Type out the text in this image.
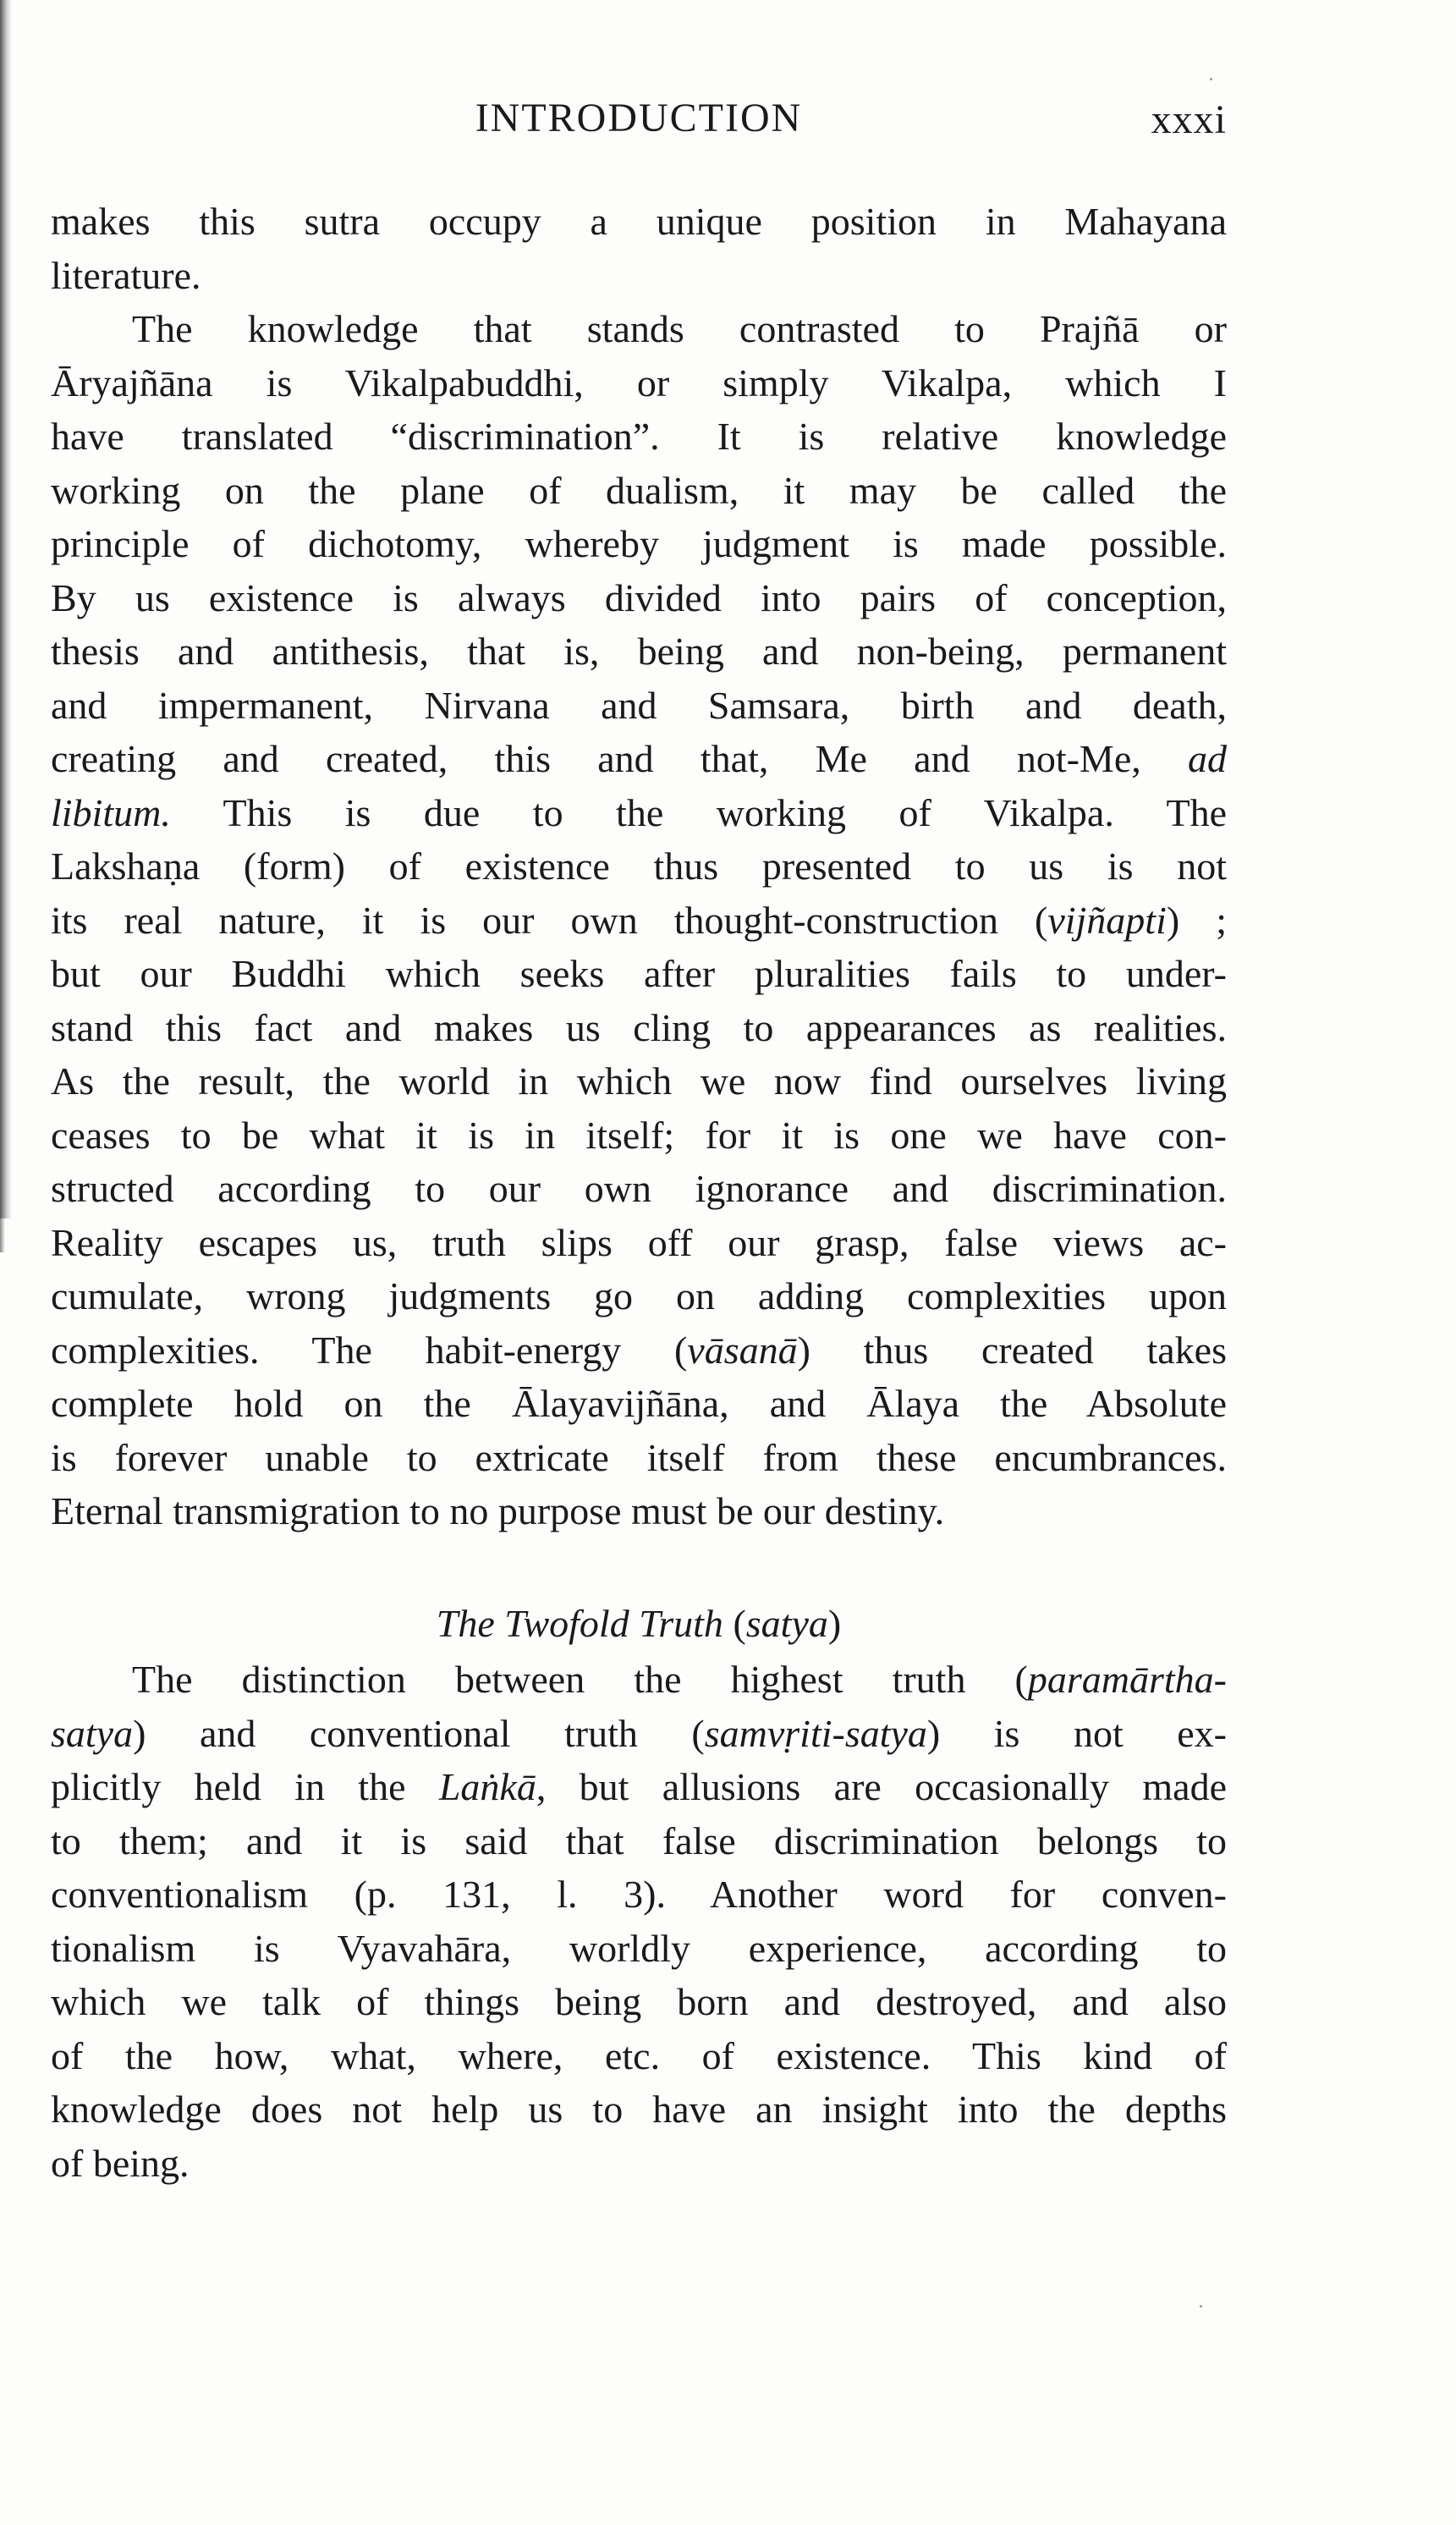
INTRODUCTION	xxxi
makes this sutra occupy a unique position in Mahayana
literature.
The knowledge that stands contrasted to Prajñā or
Āryajñāna is Vikalpabuddhi, or simply Vikalpa, which I
have translated “discrimination”. It is relative knowledge
working on the plane of dualism, it may be called the
principle of dichotomy, whereby judgment is made possible.
By us existence is always divided into pairs of conception,
thesis and antithesis, that is, being and non-being, permanent
and impermanent, Nirvana and Samsara, birth and death,
creating and created, this and that, Me and not-Me, ad
libitum. This is due to the working of Vikalpa. The
Lakshaṇa (form) of existence thus presented to us is not
its real nature, it is our own thought-construction (vijñapti) ;
but our Buddhi which seeks after pluralities fails to under-
stand this fact and makes us cling to appearances as realities.
As the result, the world in which we now find ourselves living
ceases to be what it is in itself; for it is one we have con-
structed according to our own ignorance and discrimination.
Reality escapes us, truth slips off our grasp, false views ac-
cumulate, wrong judgments go on adding complexities upon
complexities. The habit-energy (vāsanā) thus created takes
complete hold on the Ālayavijñāna, and Ālaya the Absolute
is forever unable to extricate itself from these encumbrances.
Eternal transmigration to no purpose must be our destiny.
The Twofold Truth (satya)
The distinction between the highest truth (paramārtha-
satya) and conventional truth (samvṛiti-satya) is not ex-
plicitly held in the Laṅkā, but allusions are occasionally made
to them; and it is said that false discrimination belongs to
conventionalism (p. 131, l. 3). Another word for conven-
tionalism is Vyavahāra, worldly experience, according to
which we talk of things being born and destroyed, and also
of the how, what, where, etc. of existence. This kind of
knowledge does not help us to have an insight into the depths
of being.
